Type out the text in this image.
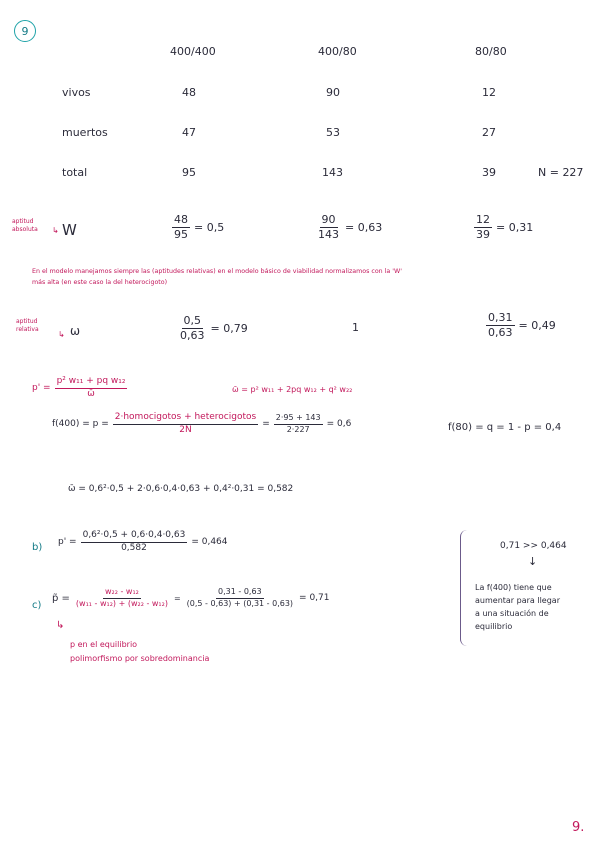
9
400/400	400/80	80/80
vivos	48	90	12
muertos	47	53	27
total	95	143	39	N = 227
aptitud
absoluta ↳ W	$\frac{48}{95} = 0,5$	$\frac{90}{143} = 0,63$	$\frac{12}{39} = 0,31$
En el modelo manejamos siempre las (aptitudes relativas) en el modelo básico de viabilidad normalizamos con la 'W'
más alta (en este caso la del heterocigoto)
aptitud
relativa
↳ ω	$\frac{0,5}{0,63} = 0,79$	1	$\frac{0,31}{0,63} = 0,49$
$p' = \frac{\text{p² w₁₁ + pq w₁₂}}{\omegā}$	ω̄ = p² w₁₁ + 2pq w₁₂ + q² w₂₂
$f(400) = p = \frac{\text{2·homocigotos + heterocigotos}}{2N} = \frac{2\cdot 95 + 143}{2\cdot 227} = 0,6$	f(80) = q = 1 - p = 0,4
ω̄ = 0,6²·0,5 + 2·0,6·0,4·0,63 + 0,4²·0,31 = 0,582
b) $p' = \frac{\text{0,6²·0,5 + 0,6·0,4·0,63}}{0,582} = 0,464$
c)
p̃ = $\frac{\text{w₂₂ - w₁₂}}{\text{(w₁₁ - w₁₂) + (w₂₂ - w₁₂)}} = \frac{0,31 - 0,63}{(0,5 - 0,63) + (0,31 - 0,63)} = 0,71$
↳
p en el equilibrio
polimorfismo por sobredominancia
0,71 >> 0,464
↓
La f(400) tiene que
aumentar para llegar
a una situación de
equilibrio
9.
